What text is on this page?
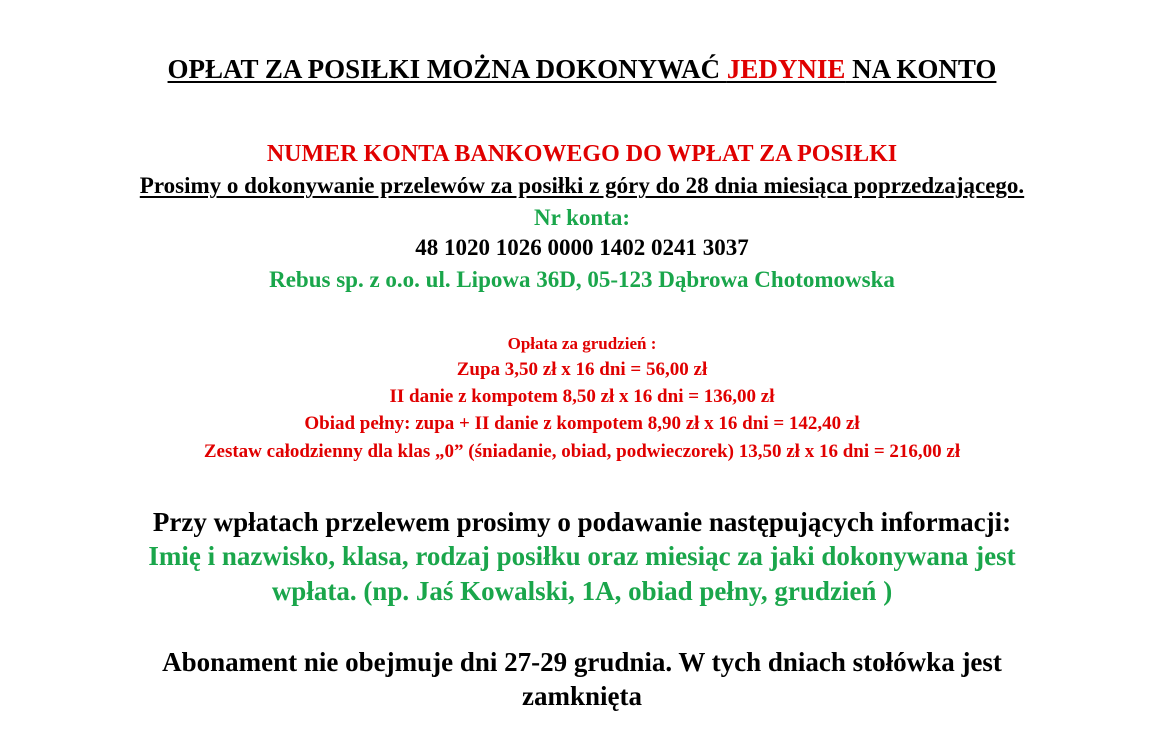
OPŁAT ZA POSIŁKI MOŻNA DOKONYWAĆ JEDYNIE NA KONTO
NUMER KONTA BANKOWEGO DO WPŁAT ZA POSIŁKI
Prosimy o dokonywanie przelewów za posiłki z góry do 28 dnia miesiąca poprzedzającego.
Nr konta:
48 1020 1026 0000 1402 0241 3037
Rebus sp. z o.o. ul. Lipowa 36D, 05-123 Dąbrowa Chotomowska
Opłata za grudzień :
Zupa 3,50 zł x 16 dni = 56,00 zł
II danie z kompotem 8,50 zł x 16 dni = 136,00 zł
Obiad pełny: zupa + II danie z kompotem 8,90 zł x 16 dni = 142,40 zł
Zestaw całodzienny dla klas „0” (śniadanie, obiad, podwieczorek) 13,50 zł x 16 dni = 216,00 zł
Przy wpłatach przelewem prosimy o podawanie następujących informacji:
Imię i nazwisko, klasa, rodzaj posiłku oraz miesiąc za jaki dokonywana jest
wpłata. (np. Jaś Kowalski, 1A, obiad pełny, grudzień )
Abonament nie obejmuje dni 27-29 grudnia. W tych dniach stołówka jest
zamknięta
